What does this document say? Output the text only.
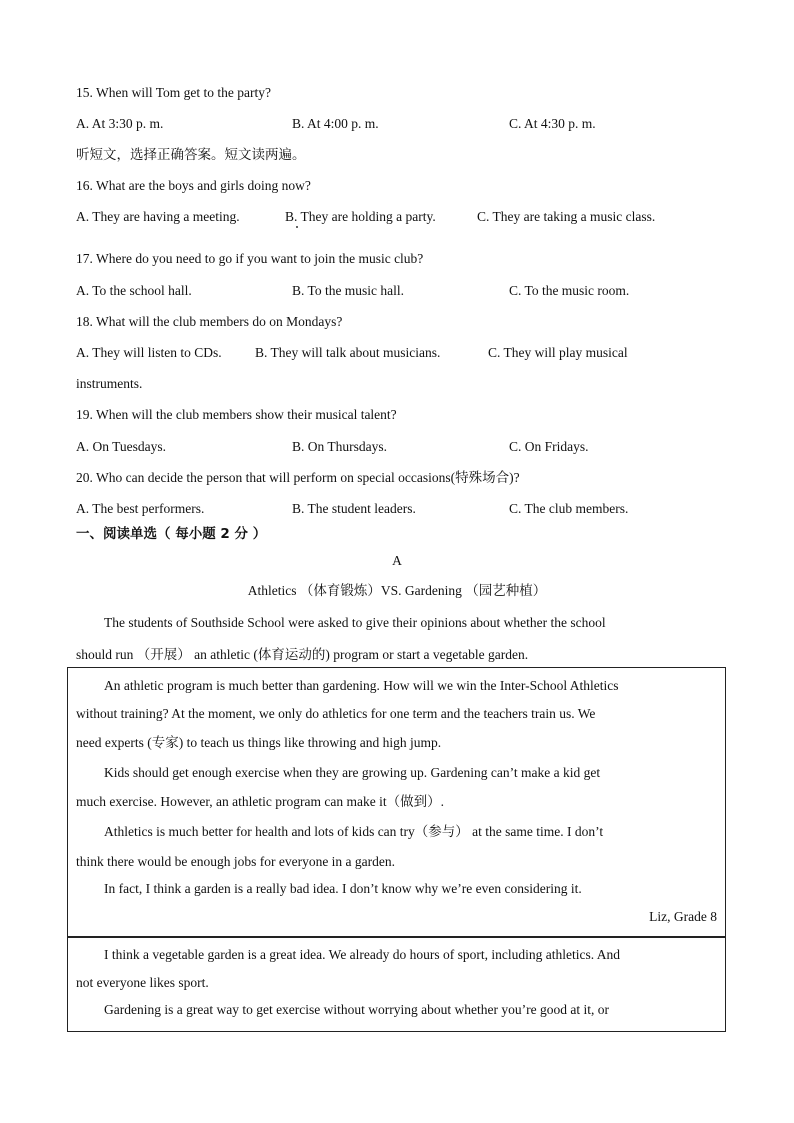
15. When will Tom get to the party?
A. At 3:30 p. m.	B. At 4:00 p. m.	C. At 4:30 p. m.
听短文，选择正确答案。短文读两遍。
16. What are the boys and girls doing now?
A. They are having a meeting.	B. They are holding a party.	C. They are taking a music class.
17. Where do you need to go if you want to join the music club?
A. To the school hall.	B. To the music hall.	C. To the music room.
18. What will the club members do on Mondays?
A. They will listen to CDs. B. They will talk about musicians.	C. They will play musical
instruments.
19. When will the club members show their musical talent?
A. On Tuesdays.	B. On Thursdays.	C. On Fridays.
20. Who can decide the person that will perform on special occasions(特殊场合)?
A. The best performers.	B. The student leaders.	C. The club members.
一、阅读单选（ 每小题 2 分 ）
A
Athletics （体育锻炼）VS. Gardening （园艺种植）
The students of Southside School were asked to give their opinions about whether the school
should run （开展） an athletic (体育运动的) program or start a vegetable garden.
An athletic program is much better than gardening. How will we win the Inter-School Athletics
without training? At the moment, we only do athletics for one term and the teachers train us. We
need experts (专家) to teach us things like throwing and high jump.
Kids should get enough exercise when they are growing up. Gardening can’t make a kid get
much exercise. However, an athletic program can make it（做到）.
Athletics is much better for health and lots of kids can try（参与） at the same time. I don’t
think there would be enough jobs for everyone in a garden.
In fact, I think a garden is a really bad idea. I don’t know why we’re even considering it.
Liz, Grade 8
I think a vegetable garden is a great idea. We already do hours of sport, including athletics. And
not everyone likes sport.
Gardening is a great way to get exercise without worrying about whether you’re good at it, or
